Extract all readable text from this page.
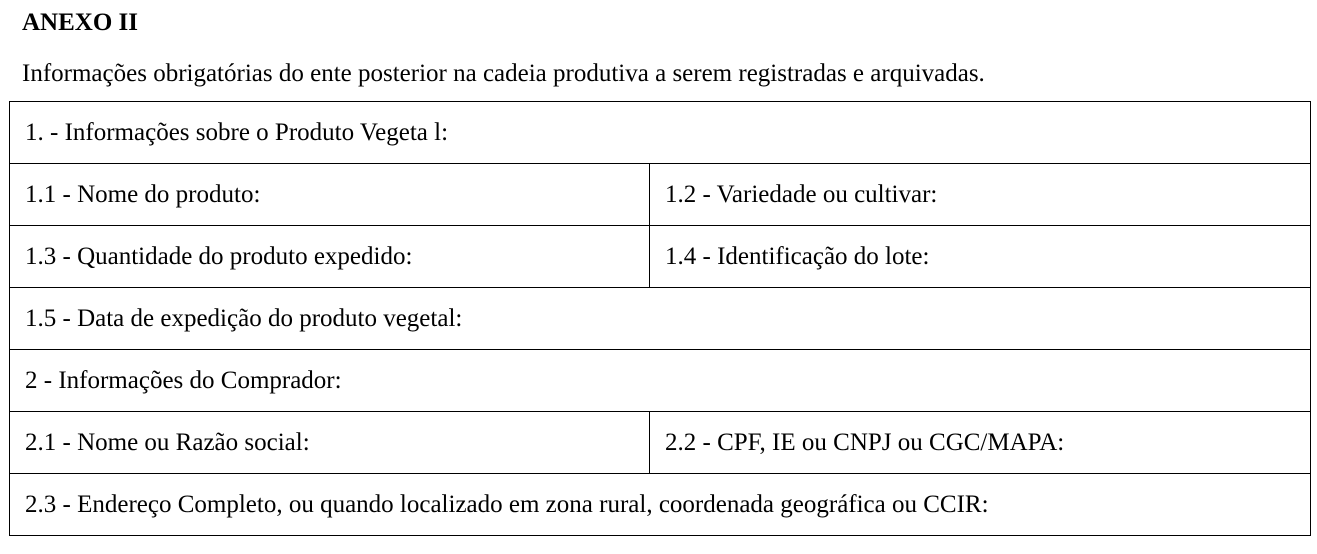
ANEXO II
Informações obrigatórias do ente posterior na cadeia produtiva a serem registradas e arquivadas.
1. - Informações sobre o Produto Vegeta l:	
1.1 - Nome do produto:	1.2 - Variedade ou cultivar:
1.3 - Quantidade do produto expedido:	1.4 - Identificação do lote:
1.5 - Data de expedição do produto vegetal:	
2 - Informações do Comprador:	
2.1 - Nome ou Razão social:	2.2 - CPF, IE ou CNPJ ou CGC/MAPA:
2.3 - Endereço Completo, ou quando localizado em zona rural, coordenada geográfica ou CCIR:	
